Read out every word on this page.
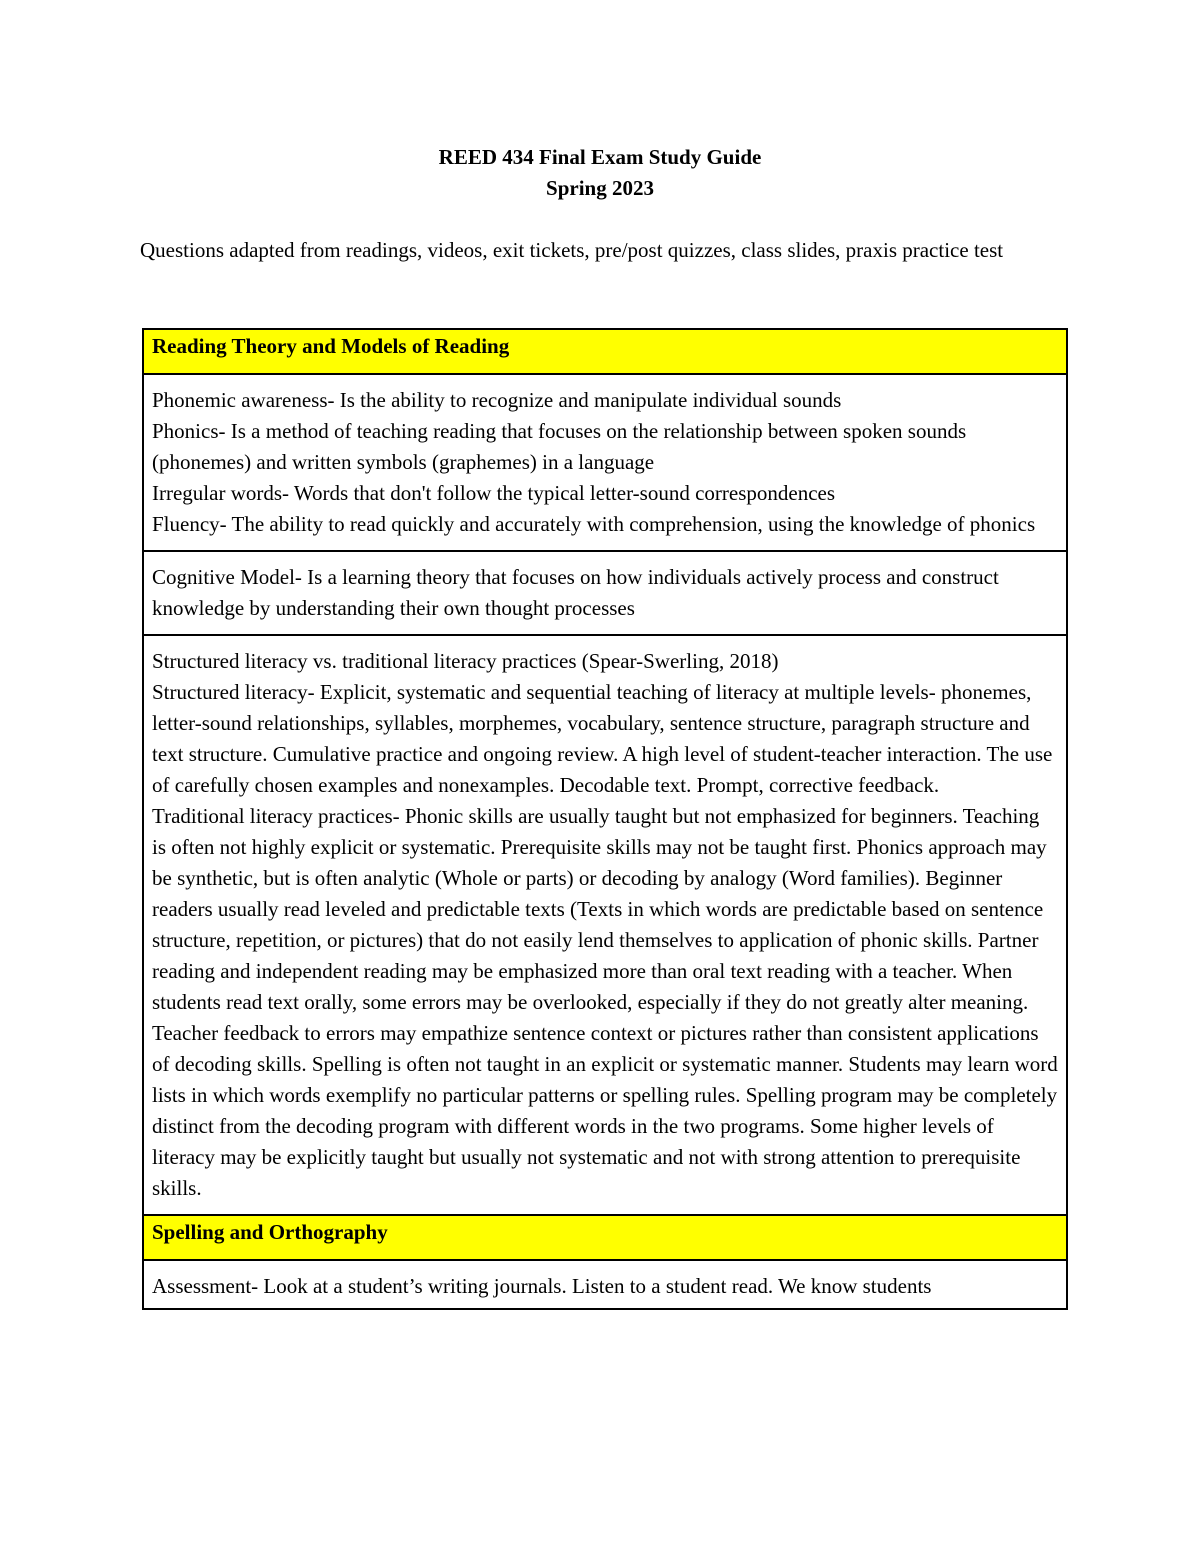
REED 434 Final Exam Study Guide
Spring 2023
Questions adapted from readings, videos, exit tickets, pre/post quizzes, class slides, praxis practice test
Reading Theory and Models of Reading

Phonemic awareness- Is the ability to recognize and manipulate individual sounds
Phonics- Is a method of teaching reading that focuses on the relationship between spoken sounds (phonemes) and written symbols (graphemes) in a language
Irregular words- Words that don't follow the typical letter-sound correspondences
Fluency- The ability to read quickly and accurately with comprehension, using the knowledge of phonics

Cognitive Model- Is a learning theory that focuses on how individuals actively process and construct knowledge by understanding their own thought processes

Structured literacy vs. traditional literacy practices (Spear-Swerling, 2018)
Structured literacy- Explicit, systematic and sequential teaching of literacy at multiple levels- phonemes, letter-sound relationships, syllables, morphemes, vocabulary, sentence structure, paragraph structure and text structure. Cumulative practice and ongoing review. A high level of student-teacher interaction. The use of carefully chosen examples and nonexamples. Decodable text. Prompt, corrective feedback.
Traditional literacy practices- Phonic skills are usually taught but not emphasized for beginners. Teaching is often not highly explicit or systematic. Prerequisite skills may not be taught first. Phonics approach may be synthetic, but is often analytic (Whole or parts) or decoding by analogy (Word families). Beginner readers usually read leveled and predictable texts (Texts in which words are predictable based on sentence structure, repetition, or pictures) that do not easily lend themselves to application of phonic skills. Partner reading and independent reading may be emphasized more than oral text reading with a teacher. When students read text orally, some errors may be overlooked, especially if they do not greatly alter meaning. Teacher feedback to errors may empathize sentence context or pictures rather than consistent applications of decoding skills. Spelling is often not taught in an explicit or systematic manner. Students may learn word lists in which words exemplify no particular patterns or spelling rules. Spelling program may be completely distinct from the decoding program with different words in the two programs. Some higher levels of literacy may be explicitly taught but usually not systematic and not with strong attention to prerequisite skills.

Spelling and Orthography

Assessment- Look at a student’s writing journals. Listen to a student read. We know students
